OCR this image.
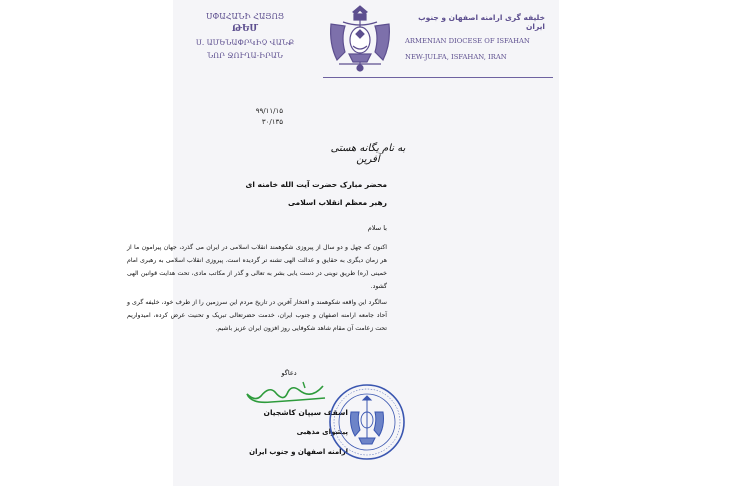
ՍՓԱՀԱՆԻ ՀԱՅՈՑ
ԹԵՄ
Ս. ԱՄԵՆԱՓՐԿԻՉ ՎԱՆՔ
ՆՈՐ ՋՈՒՂԱ-ԻՐԱՆ
خلیفه گری ارامنه اصفهان و جنوب ایران
ARMENIAN DIOCESE OF ISFAHAN
NEW-JULFA, ISFAHAN, IRAN
۹۹/۱۱/۱۵
۳۰/۱۳۵
به نام یگانه هستی آفرین
محضر مبارک حضرت آیت الله خامنه ای
رهبر معظم انقلاب اسلامی
با سلام
اکنون که چهل و دو سال از پیروزی شکوهمند انقلاب اسلامی در ایران می گذرد، جهان پیرامون ما از هر زمان دیگری به حقایق و عدالت الهی تشنه تر گردیده است. پیروزی انقلاب اسلامی به رهبری امام خمینی (ره) طریق نوینی در دست یابی بشر به تعالی و گذر از مکاتب مادی، تحت هدایت قوانین الهی گشود.
سالگرد این واقعه شکوهمند و افتخار آفرین در تاریخ مردم این سرزمین را از طرف خود، خلیفه گری و آحاد جامعه ارامنه اصفهان و جنوب ایران، خدمت حضرتعالی تبریک و تحنیت عرض کرده، امیدواریم تحت زعامت آن مقام شاهد شکوفایی روز افزون ایران عزیز باشیم.
دعاگو
اسقف سیپان کاشجیان
پیشوای مذهبی
ارامنه اصفهان و جنوب ایران
